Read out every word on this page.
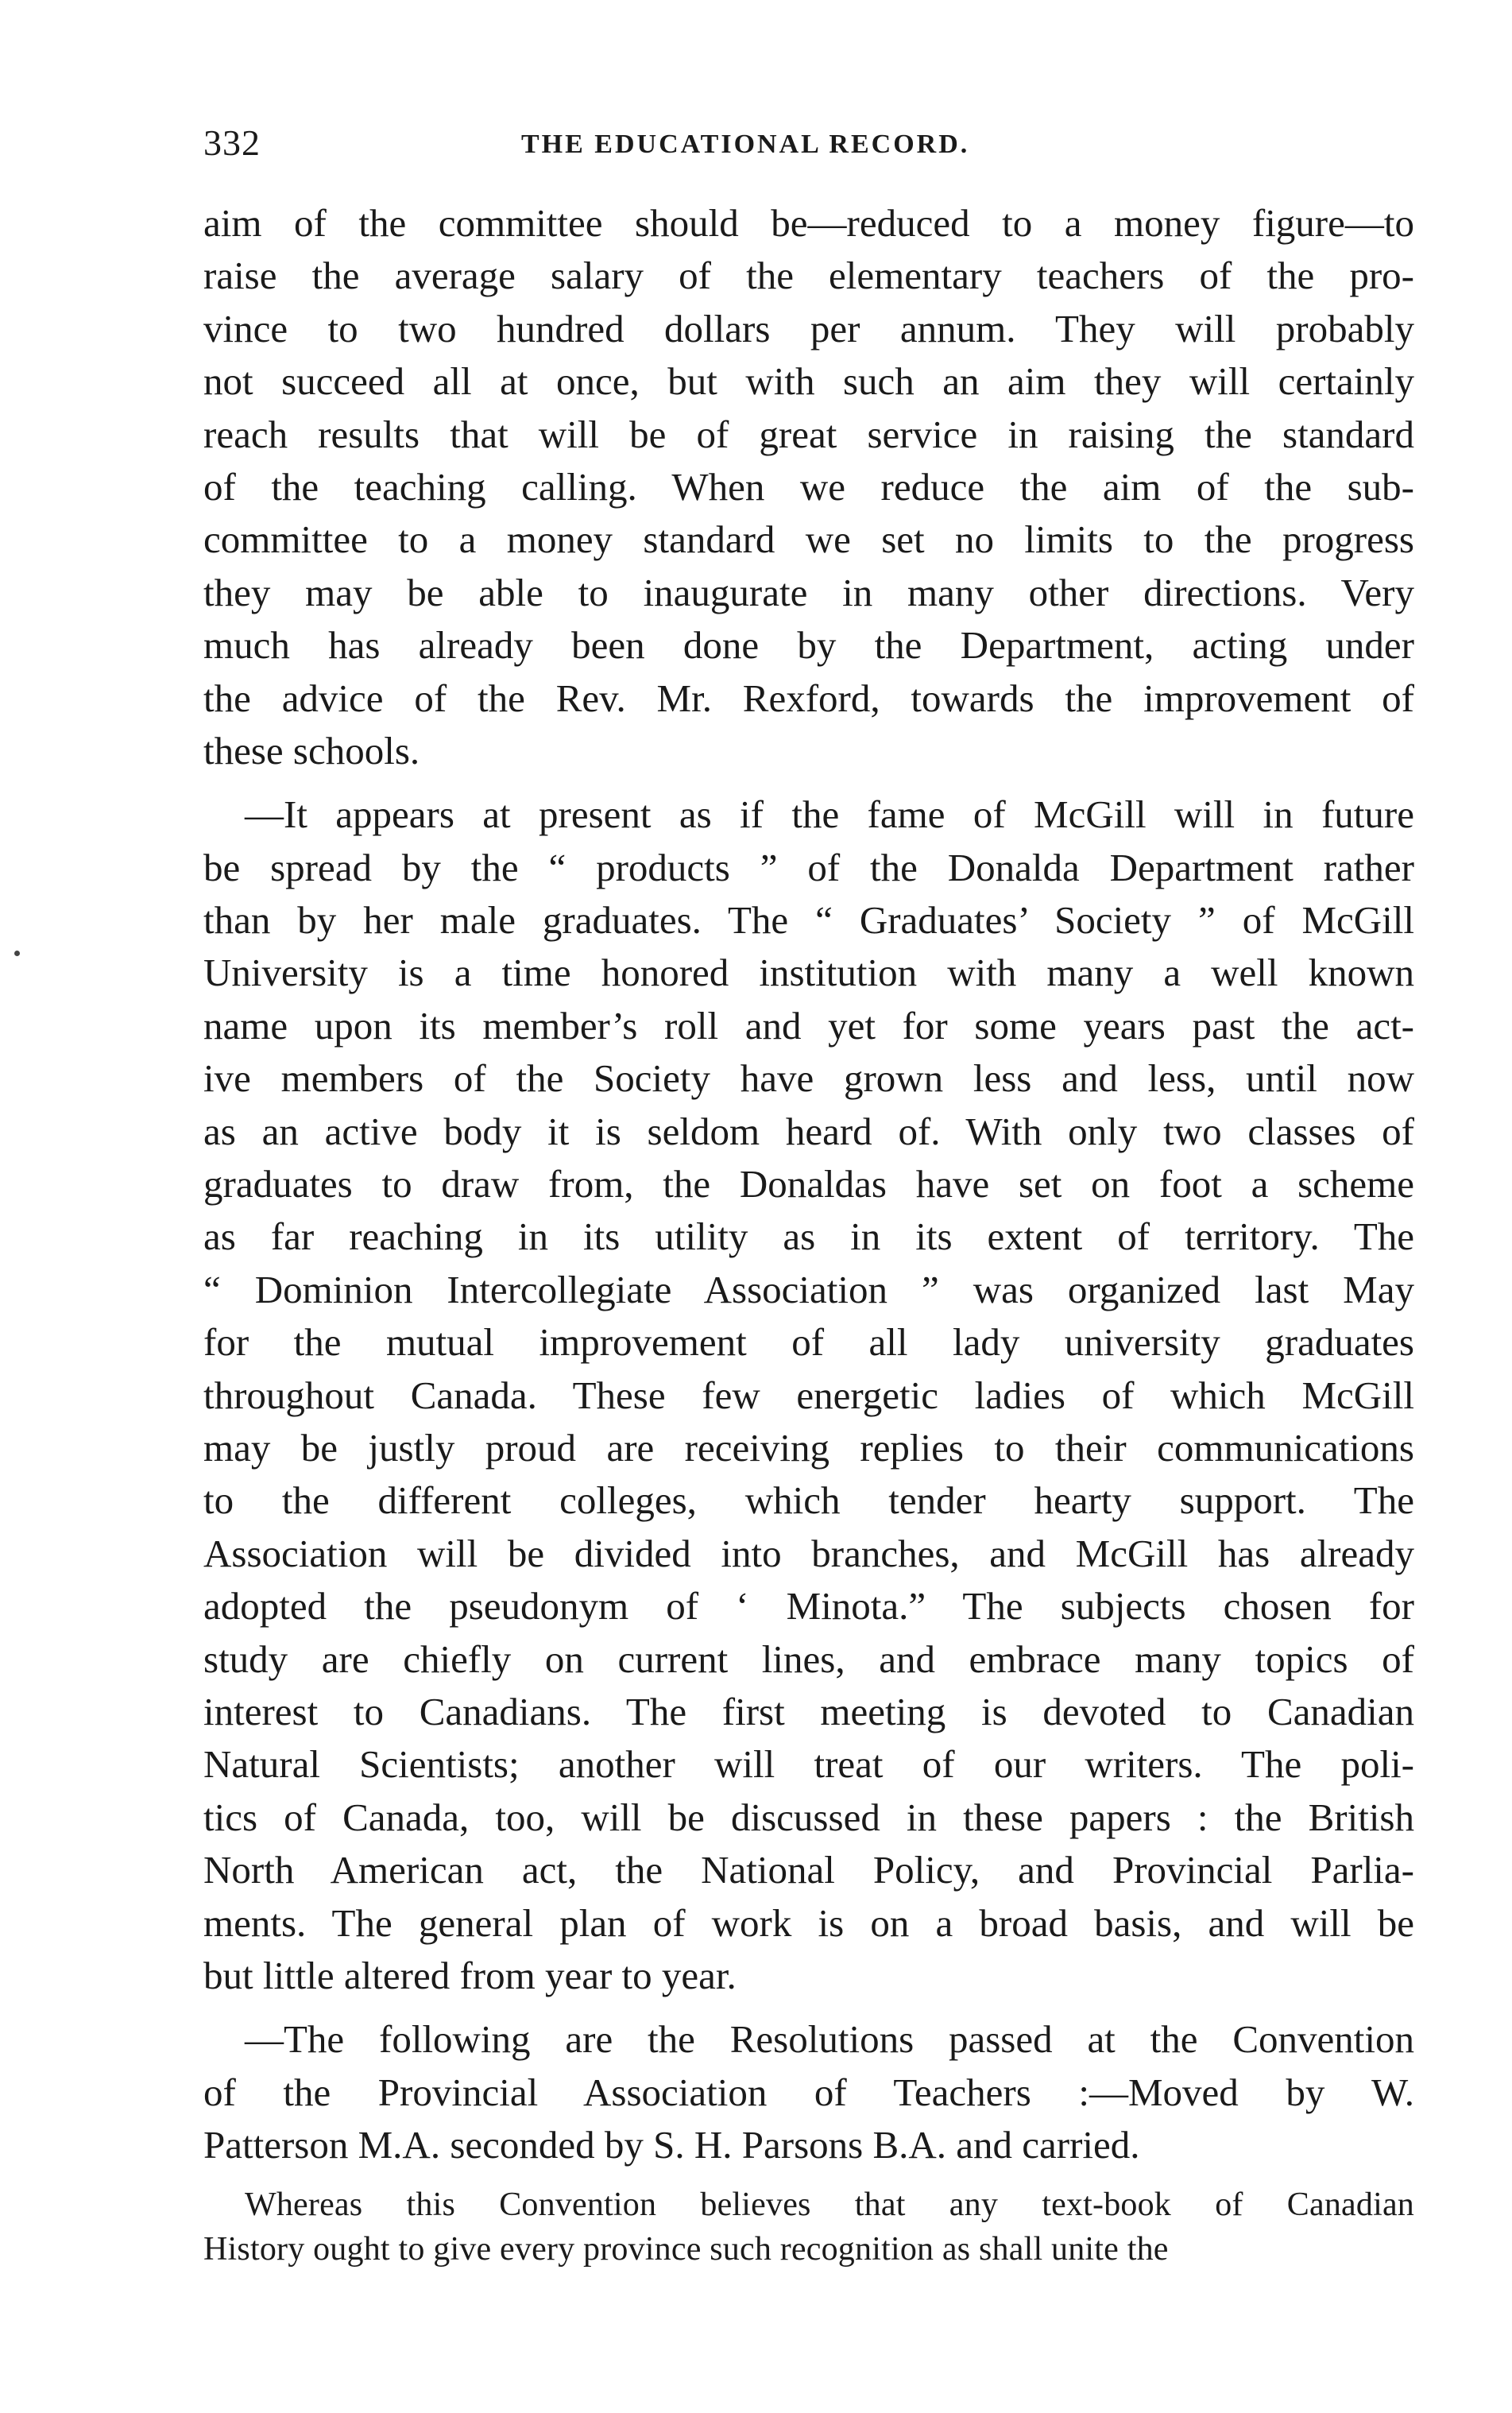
332	THE EDUCATIONAL RECORD.
aim of the committee should be—reduced to a money figure—to
raise the average salary of the elementary teachers of the pro-
vince to two hundred dollars per annum. They will probably
not succeed all at once, but with such an aim they will certainly
reach results that will be of great service in raising the standard
of the teaching calling. When we reduce the aim of the sub-
committee to a money standard we set no limits to the progress
they may be able to inaugurate in many other directions. Very
much has already been done by the Department, acting under
the advice of the Rev. Mr. Rexford, towards the improvement of
these schools.
—It appears at present as if the fame of McGill will in future
be spread by the “ products ” of the Donalda Department rather
than by her male graduates. The “ Graduates’ Society ” of McGill
University is a time honored institution with many a well known
name upon its member’s roll and yet for some years past the act-
ive members of the Society have grown less and less, until now
as an active body it is seldom heard of. With only two classes of
graduates to draw from, the Donaldas have set on foot a scheme
as far reaching in its utility as in its extent of territory. The
“ Dominion Intercollegiate Association ” was organized last May
for the mutual improvement of all lady university graduates
throughout Canada. These few energetic ladies of which McGill
may be justly proud are receiving replies to their communications
to the different colleges, which tender hearty support. The
Association will be divided into branches, and McGill has already
adopted the pseudonym of ‘ Minota.” The subjects chosen for
study are chiefly on current lines, and embrace many topics of
interest to Canadians. The first meeting is devoted to Canadian
Natural Scientists; another will treat of our writers. The poli-
tics of Canada, too, will be discussed in these papers : the British
North American act, the National Policy, and Provincial Parlia-
ments. The general plan of work is on a broad basis, and will be
but little altered from year to year.
—The following are the Resolutions passed at the Convention
of the Provincial Association of Teachers :—Moved by W.
Patterson M.A. seconded by S. H. Parsons B.A. and carried.
Whereas this Convention believes that any text-book of Canadian
History ought to give every province such recognition as shall unite the
